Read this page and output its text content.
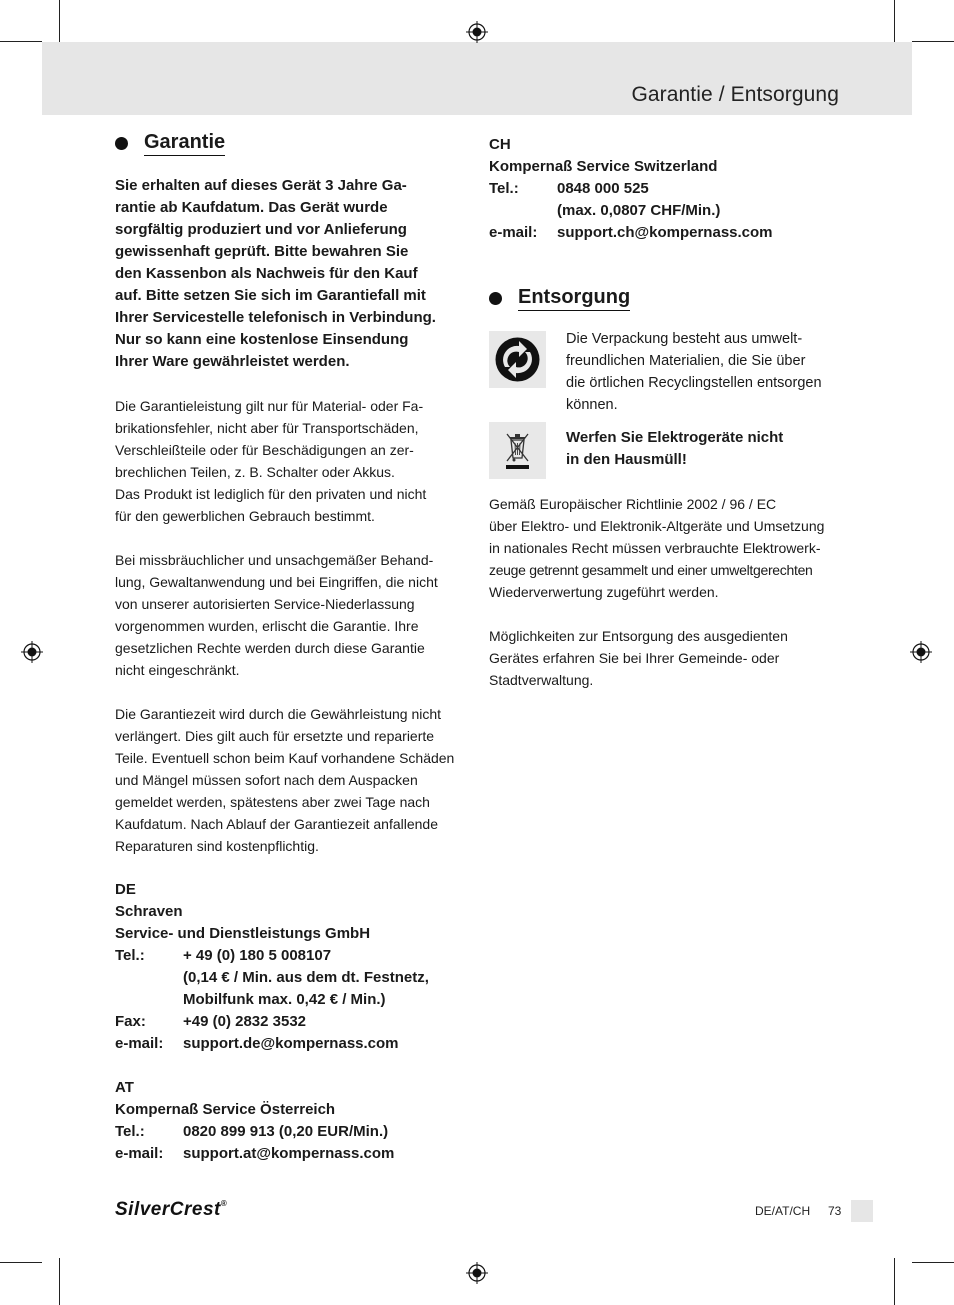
Garantie / Entsorgung
Garantie

Sie erhalten auf dieses Gerät 3 Jahre Ga-

rantie ab Kaufdatum. Das Gerät wurde

sorgfältig produziert und vor Anlieferung

gewissenhaft geprüft. Bitte bewahren Sie

den Kassenbon als Nachweis für den Kauf

auf. Bitte setzen Sie sich im Garantiefall mit

Ihrer Servicestelle telefonisch in Verbindung.

Nur so kann eine kostenlose Einsendung

Ihrer Ware gewährleistet werden.

Die Garantieleistung gilt nur für Material- oder Fa-

brikationsfehler, nicht aber für Transportschäden,

Verschleißteile oder für Beschädigungen an zer-

brechlichen Teilen, z. B. Schalter oder Akkus.

Das Produkt ist lediglich für den privaten und nicht

für den gewerblichen Gebrauch bestimmt.

Bei missbräuchlicher und unsachgemäßer Behand-

lung, Gewaltanwendung und bei Eingriffen, die nicht

von unserer autorisierten Service-Niederlassung

vorgenommen wurden, erlischt die Garantie. Ihre

gesetzlichen Rechte werden durch diese Garantie

nicht eingeschränkt.

Die Garantiezeit wird durch die Gewährleistung nicht

verlängert. Dies gilt auch für ersetzte und reparierte

Teile. Eventuell schon beim Kauf vorhandene Schäden

und Mängel müssen sofort nach dem Auspacken

gemeldet werden, spätestens aber zwei Tage nach

Kaufdatum. Nach Ablauf der Garantiezeit anfallende

Reparaturen sind kostenpflichtig.

DE

Schraven

Service- und Dienstleistungs GmbH

Tel.:	+ 49 (0) 180 5 008107

(0,14 € / Min. aus dem dt. Festnetz,

Mobilfunk max. 0,42 € / Min.)

Fax:	+49 (0) 2832 3532
e-mail:	support.de@kompernass.com

AT

Kompernaß Service Österreich

Tel.:	0820 899 913 (0,20 EUR/Min.)
e-mail:	support.at@kompernass.com

CH

Kompernaß Service Switzerland

Tel.:	0848 000 525

(max. 0,0807 CHF/Min.)

e-mail:	support.ch@kompernass.com
Entsorgung

Die Verpackung besteht aus umwelt-

freundlichen Materialien, die Sie über

die örtlichen Recyclingstellen entsorgen

können.

Werfen Sie Elektrogeräte nicht

in den Hausmüll!

Gemäß Europäischer Richtlinie 2002 / 96 / EC

über Elektro- und Elektronik-Altgeräte und Umsetzung

in nationales Recht müssen verbrauchte Elektrowerk-

zeuge getrennt gesammelt und einer umweltgerechten

Wiederverwertung zugeführt werden.

Möglichkeiten zur Entsorgung des ausgedienten

Gerätes erfahren Sie bei Ihrer Gemeinde- oder

Stadtverwaltung.

SilverCrest®
DE/AT/CH 73
